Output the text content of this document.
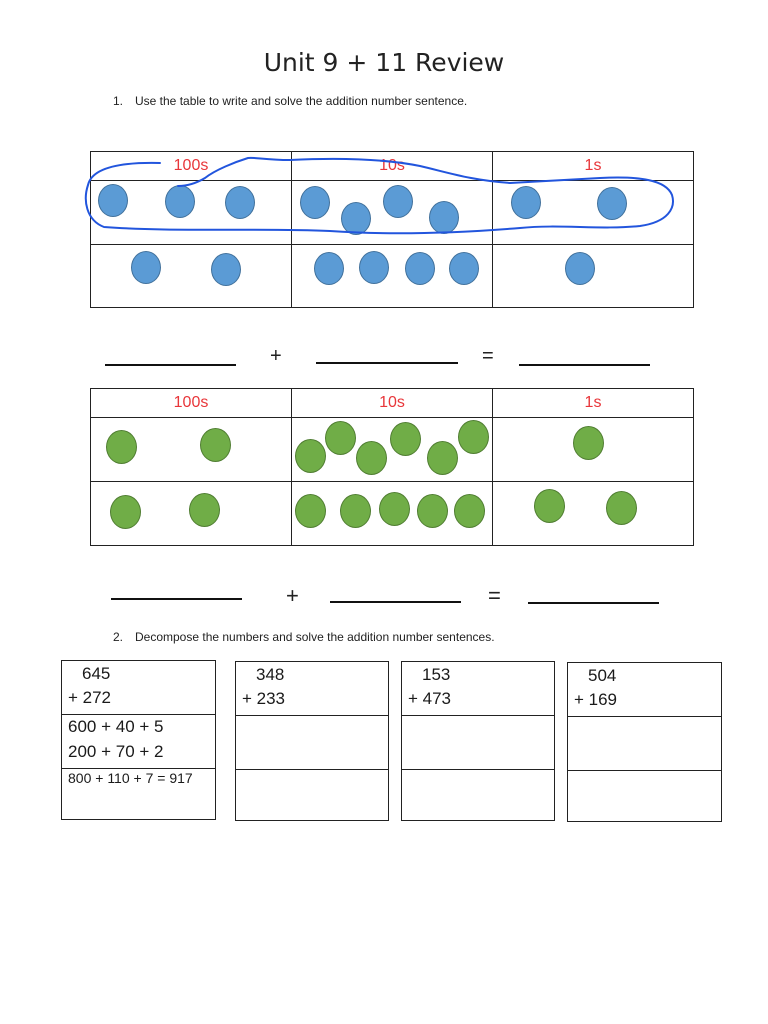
Unit 9 + 11 Review
1. Use the table to write and solve the addition number sentence.
100s	10s	1s

+	=
100s	10s	1s

+	=
2. Decompose the numbers and solve the addition number sentences.
645
+ 272
600 + 40 + 5
200 + 70 + 2
800 + 110 + 7 = 917
348
+ 233
153
+ 473
504
+ 169
